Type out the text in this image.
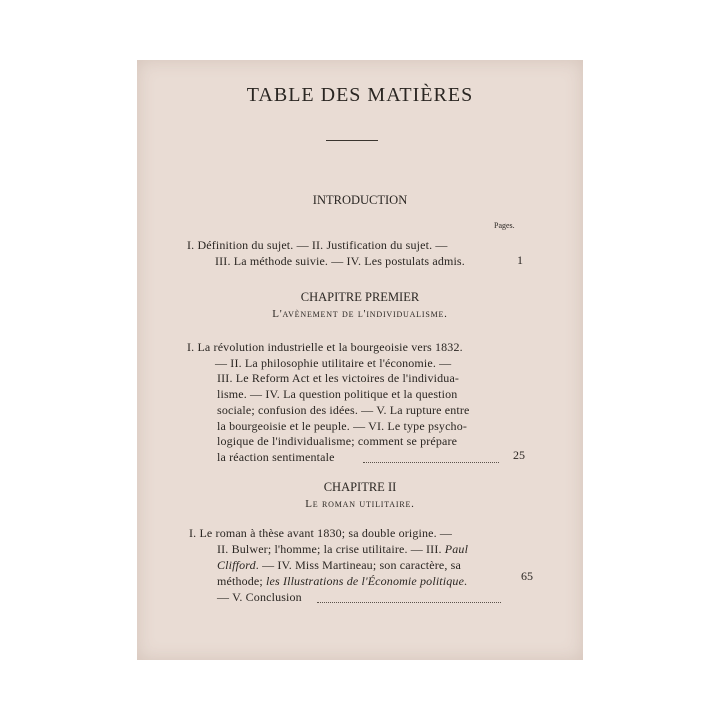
TABLE DES MATIÈRES
INTRODUCTION
Pages.
I. Définition du sujet. — II. Justification du sujet. —
III. La méthode suivie. — IV. Les postulats admis.	1
CHAPITRE PREMIER
L'avènement de l'individualisme.
I. La révolution industrielle et la bourgeoisie vers 1832.
— II. La philosophie utilitaire et l'économie. —
III. Le Reform Act et les victoires de l'individua-
lisme. — IV. La question politique et la question
sociale; confusion des idées. — V. La rupture entre
la bourgeoisie et le peuple. — VI. Le type psycho-
logique de l'individualisme; comment se prépare
la réaction sentimentale	25
CHAPITRE II
Le roman utilitaire.
I. Le roman à thèse avant 1830; sa double origine. —
II. Bulwer; l'homme; la crise utilitaire. — III. Paul
Clifford. — IV. Miss Martineau; son caractère, sa
méthode; les Illustrations de l'Économie politique.
— V. Conclusion
65
